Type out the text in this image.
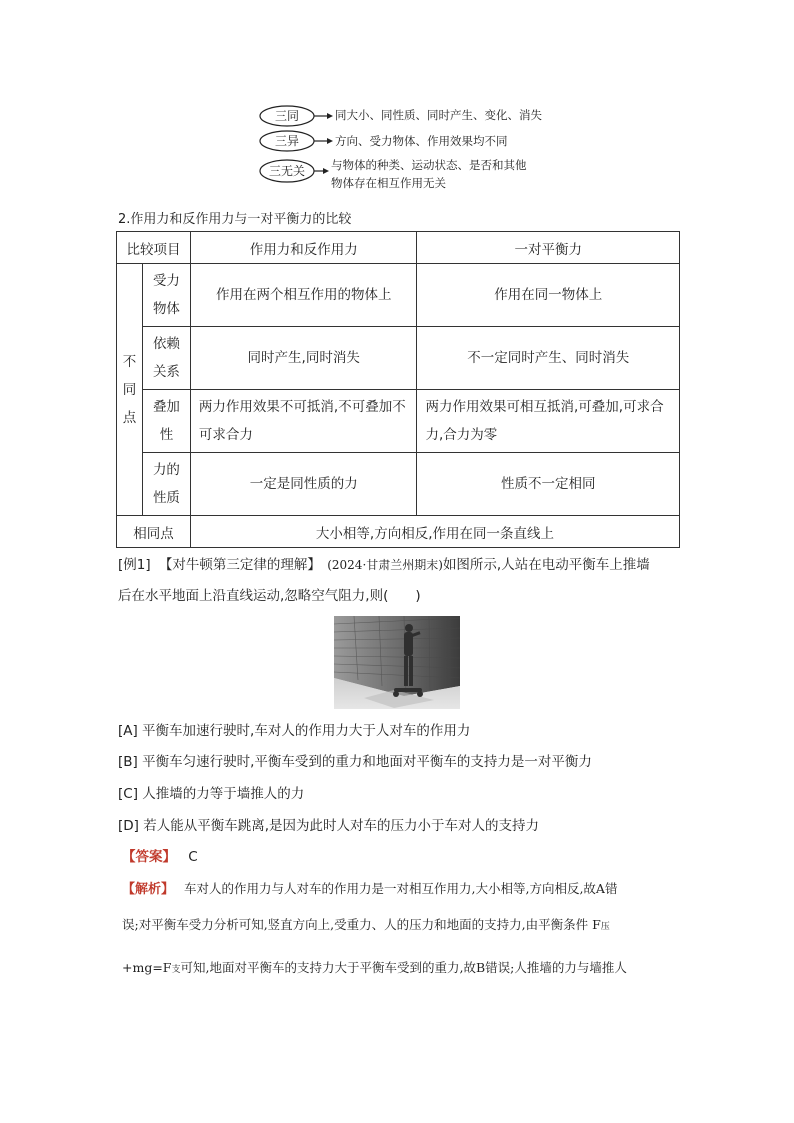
三同
三异
三无关
同大小、同性质、同时产生、变化、消失
方向、受力物体、作用效果均不同
与物体的种类、运动状态、是否和其他
物体存在相互作用无关
2.作用力和反作用力与一对平衡力的比较
比较项目		作用力和反作用力	一对平衡力

不同点	受力物体	作用在两个相互作用的物体上	作用在同一物体上

	依赖关系	同时产生,同时消失	不一定同时产生、同时消失

	叠加性	两力作用效果不可抵消,不可叠加不可求合力	两力作用效果可相互抵消,可叠加,可求合力,合力为零

	力的性质	一定是同性质的力	性质不一定相同
相同点		大小相等,方向相反,作用在同一条直线上	
[例1] 【对牛顿第三定律的理解】 (2024·甘肃兰州期末)如图所示,人站在电动平衡车上推墙
后在水平地面上沿直线运动,忽略空气阻力,则(　　)
[A] 平衡车加速行驶时,车对人的作用力大于人对车的作用力
[B] 平衡车匀速行驶时,平衡车受到的重力和地面对平衡车的支持力是一对平衡力
[C] 人推墙的力等于墙推人的力
[D] 若人能从平衡车跳离,是因为此时人对车的压力小于车对人的支持力
【答案】 C
【解析】 车对人的作用力与人对车的作用力是一对相互作用力,大小相等,方向相反,故A错
误;对平衡车受力分析可知,竖直方向上,受重力、人的压力和地面的支持力,由平衡条件 F压
+mg=F支可知,地面对平衡车的支持力大于平衡车受到的重力,故B错误;人推墙的力与墙推人
